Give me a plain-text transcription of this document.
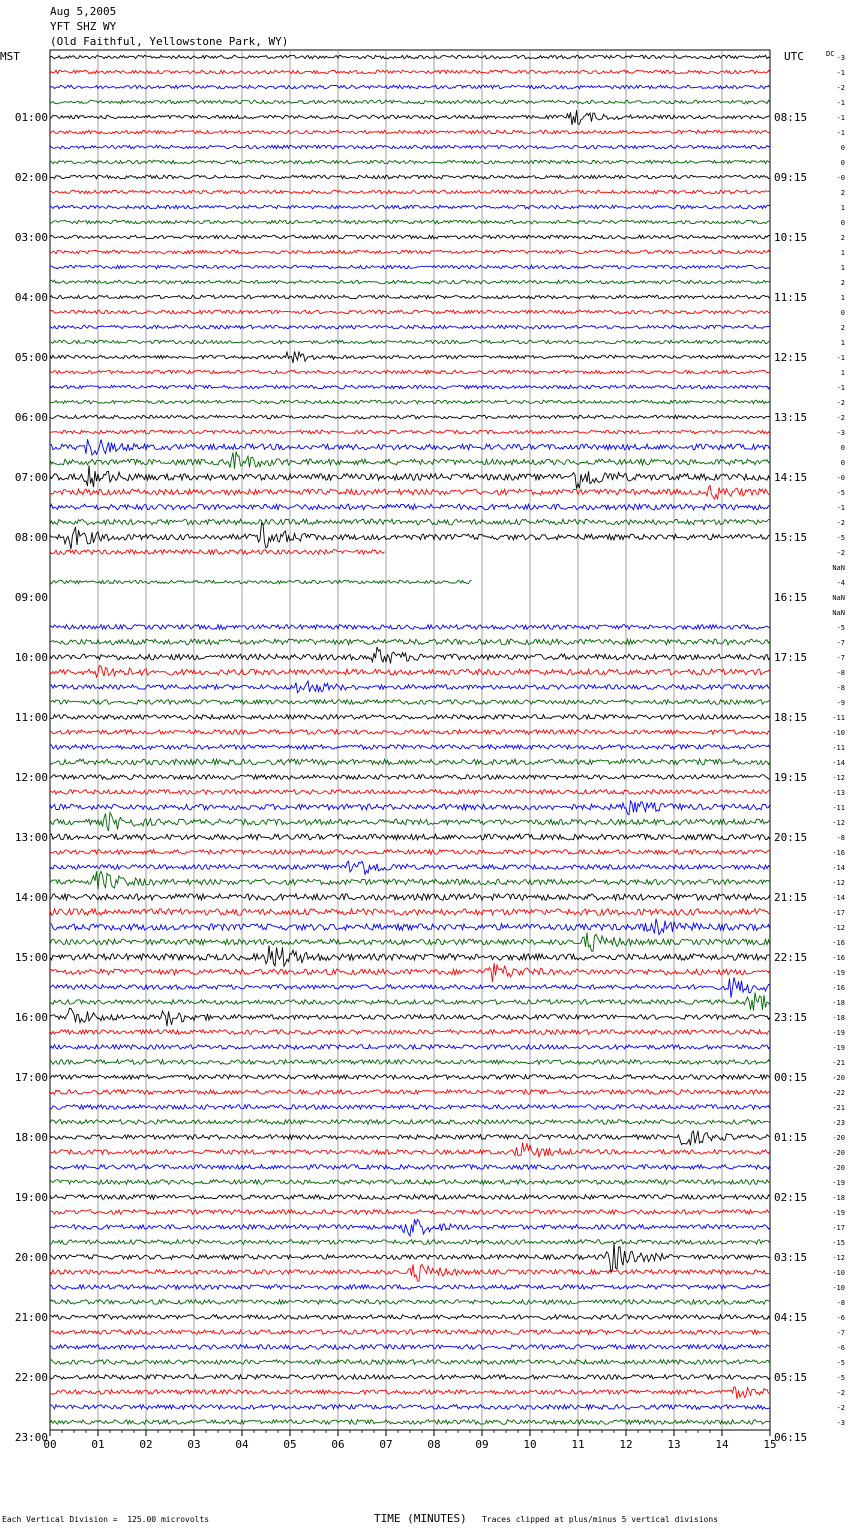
Aug 5,2005
YFT SHZ WY
(Old Faithful, Yellowstone Park, WY)
MST	UTC	DC
00	01	02	03	04	05	06	07	08	09	10	11	12	13	14	15
01:00
02:00
03:00
04:00
05:00
06:00
07:00
08:00
09:00
10:00
11:00
12:00
13:00
14:00
15:00
16:00
17:00
18:00
19:00
20:00
21:00
22:00
23:00
08:15
09:15
10:15
11:15
12:15
13:15
14:15
15:15
16:15
17:15
18:15
19:15
20:15
21:15
22:15
23:15
00:15
01:15
02:15
03:15
04:15
05:15
06:15
-3
-1
-2
-1
-1
-1
0
0
-0
2
1
0
2
1
1
2
1
0
2
1
-1
1
-1
-2
-2
-3
0
0
-0
-5
-1
-2
-5
-2
NaN
-4
NaN
NaN
-5
-7
-7
-8
-8
-9
-11
-10
-11
-14
-12
-13
-11
-12
-8
-16
-14
-12
-14
-17
-12
-16
-16
-19
-16
-18
-18
-19
-19
-21
-20
-22
-21
-23
-20
-20
-20
-19
-18
-19
-17
-15
-12
-10
-10
-8
-6
-7
-6
-5
-5
-2
-2
-3
Each Vertical Division =  125.00 microvolts	TIME (MINUTES) Traces clipped at plus/minus 5 vertical divisions
